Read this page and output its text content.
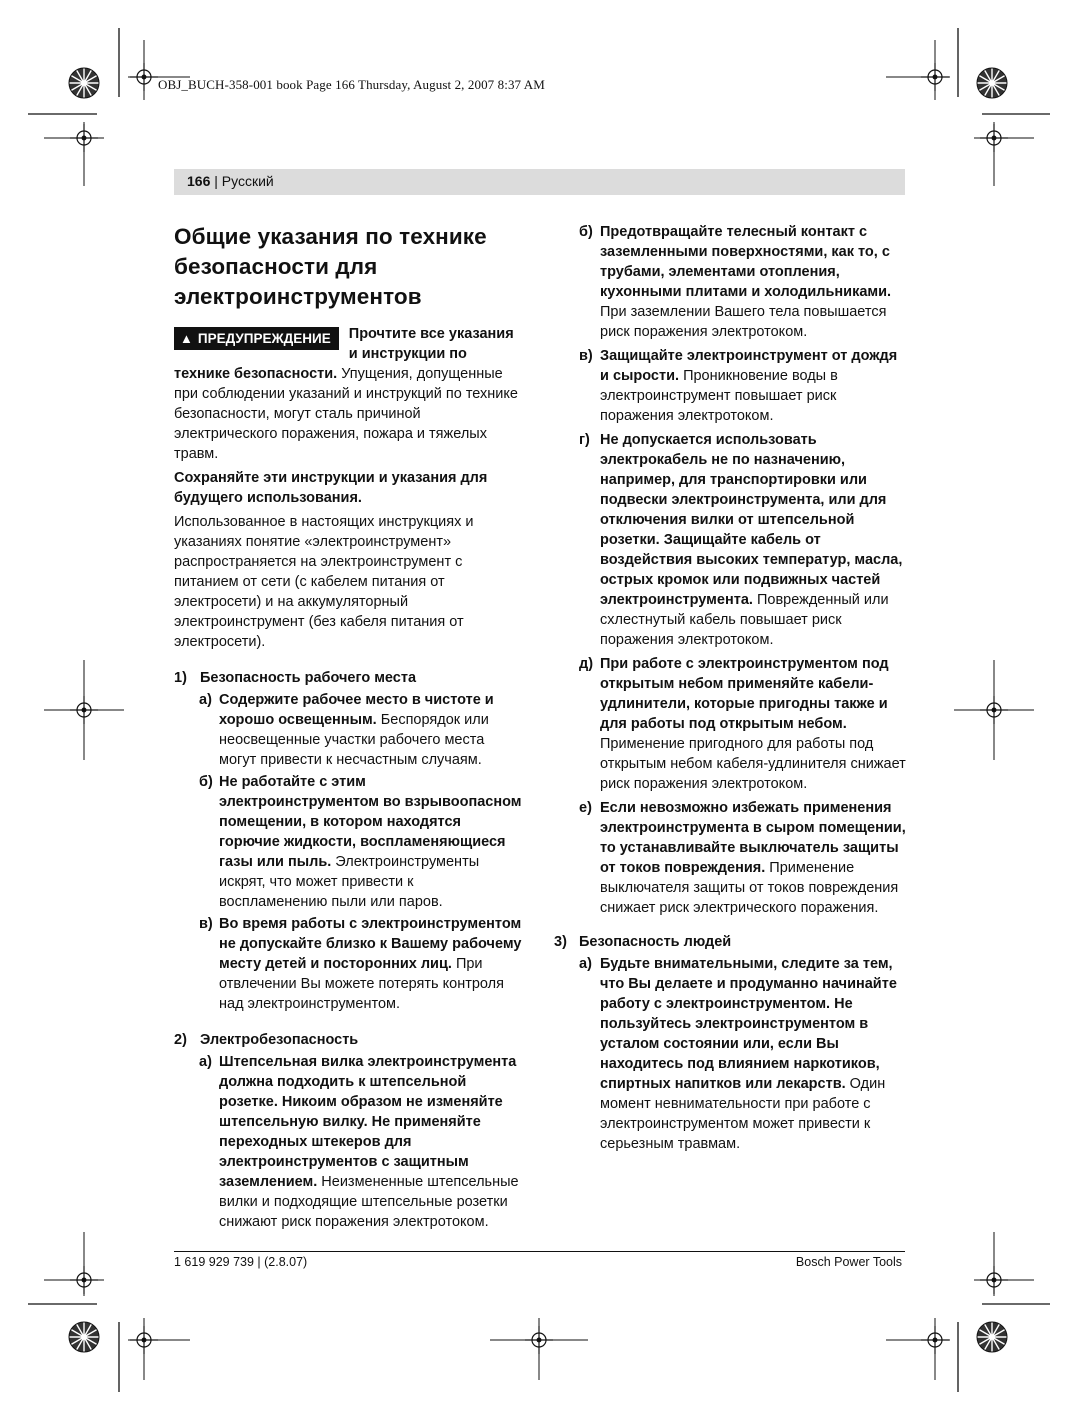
OBJ_BUCH-358-001 book Page 166 Thursday, August 2, 2007 8:37 AM
166 | Русский
Общие указания по технике безопасности для электроинструментов

▲ ПРЕДУПРЕЖДЕНИЕ	Прочтите все указания и инструкции по технике безопасности. Упущения, допущенные при соблюдении указаний и инструкций по технике безопасности, могут сталь причиной электрического поражения, пожара и тяжелых травм.

Сохраняйте эти инструкции и указания для будущего использования.

Использованное в настоящих инструкциях и указаниях понятие «электроинструмент» распространяется на электроинструмент с питанием от сети (с кабелем питания от электросети) и на аккумуляторный электроинструмент (без кабеля питания от электросети).

1) Безопасность рабочего места
а) Содержите рабочее место в чистоте и хорошо освещенным. Беспорядок или неосвещенные участки рабочего места могут привести к несчастным случаям.

б) Не работайте с этим электроинструментом во взрывоопасном помещении, в котором находятся горючие жидкости, воспламеняющиеся газы или пыль. Электроинструменты искрят, что может привести к воспламенению пыли или паров.

в) Во время работы с электроинструментом не допускайте близко к Вашему рабочему месту детей и посторонних лиц. При отвлечении Вы можете потерять контроля над электроинструментом.

2) Электробезопасность
а) Штепсельная вилка электроинструмента должна подходить к штепсельной розетке. Никоим образом не изменяйте штепсельную вилку. Не применяйте переходных штекеров для электроинструментов с защитным заземлением. Неизмененные штепсельные вилки и подходящие штепсельные розетки снижают риск поражения электротоком.

б) Предотвращайте телесный контакт с заземленными поверхностями, как то, с трубами, элементами отопления, кухонными плитами и холодильниками. При заземлении Вашего тела повышается риск поражения электротоком.

в) Защищайте электроинструмент от дождя и сырости. Проникновение воды в электроинструмент повышает риск поражения электротоком.

г) Не допускается использовать электрокабель не по назначению, например, для транспортировки или подвески электроинструмента, или для отключения вилки от штепсельной розетки. Защищайте кабель от воздействия высоких температур, масла, острых кромок или подвижных частей электроинструмента. Поврежденный или схлестнутый кабель повышает риск поражения электротоком.

д) При работе с электроинструментом под открытым небом применяйте кабели-удлинители, которые пригодны также и для работы под открытым небом. Применение пригодного для работы под открытым небом кабеля-удлинителя снижает риск поражения электротоком.

е) Если невозможно избежать применения электроинструмента в сыром помещении, то устанавливайте выключатель защиты от токов повреждения. Применение выключателя защиты от токов повреждения снижает риск электрического поражения.

3) Безопасность людей
а) Будьте внимательными, следите за тем, что Вы делаете и продуманно начинайте работу с электроинструментом. Не пользуйтесь электроинструментом в усталом состоянии или, если Вы находитесь под влиянием наркотиков, спиртных напитков или лекарств. Один момент невнимательности при работе с электроинструментом может привести к серьезным травмам.

1 619 929 739 | (2.8.07)	Bosch Power Tools
